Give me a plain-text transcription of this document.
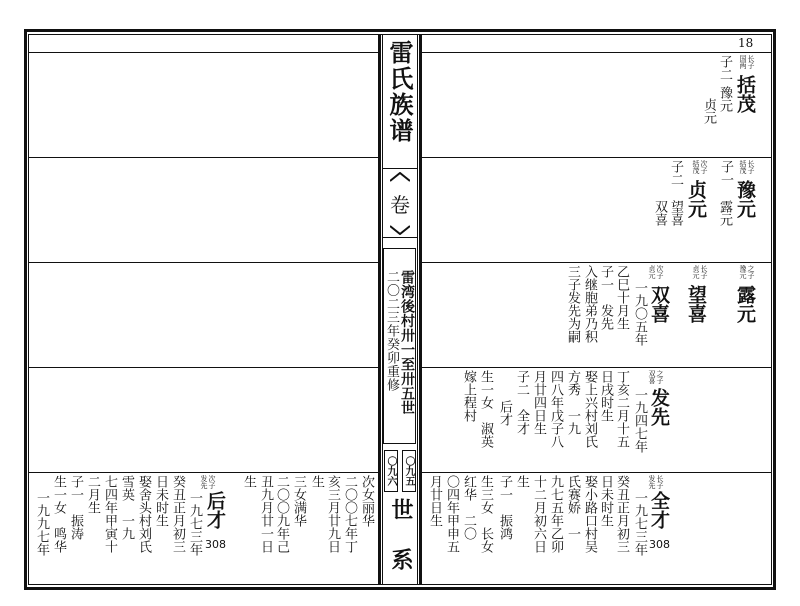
雷氏族谱
卷
雷湾後村卅一至卅五世
二〇二三年癸卯重修
〇九六 〇九五
世系
18
长子
国两
括茂
子二
豫元
贞元
长子
括茂
子一
豫元
露元
次子
括茂
贞元
子二
望喜
双喜
之子
豫元
露元
长子
贞元
望喜
次子
贞元
双喜
一九〇五年
乙巳十月生
子一　发先
入继胞弟乃积
三子发先为嗣
之子
双喜
发先
一九四七年
丁亥二月十五
日戌时生
娶上兴村刘氏
方秀　一九
四八年戊子八
月廿四日生
子二　全才
后才
生一女　淑英
嫁上程村
长子
发先
全才
308
一九七三年
癸丑正月初三
日未时生
娶小路口村吴
氏赛娇　一
九七五年乙卯
十二月初六日
生
子一　振鸿
生三女　长女
红华　二〇
〇四年甲申五
月廿日生
次子
发先
后才
308
一九七三年
癸丑正月初三
日未时生
娶舍头村刘氏
雪英　一九
七四年甲寅十
二月生
子一　振涛
生一女　鸣华
一九九七年
生 丑九月廿一日 二〇〇九年己 三女满华 生 亥三月廿九日 二〇〇七年丁 次女丽华
